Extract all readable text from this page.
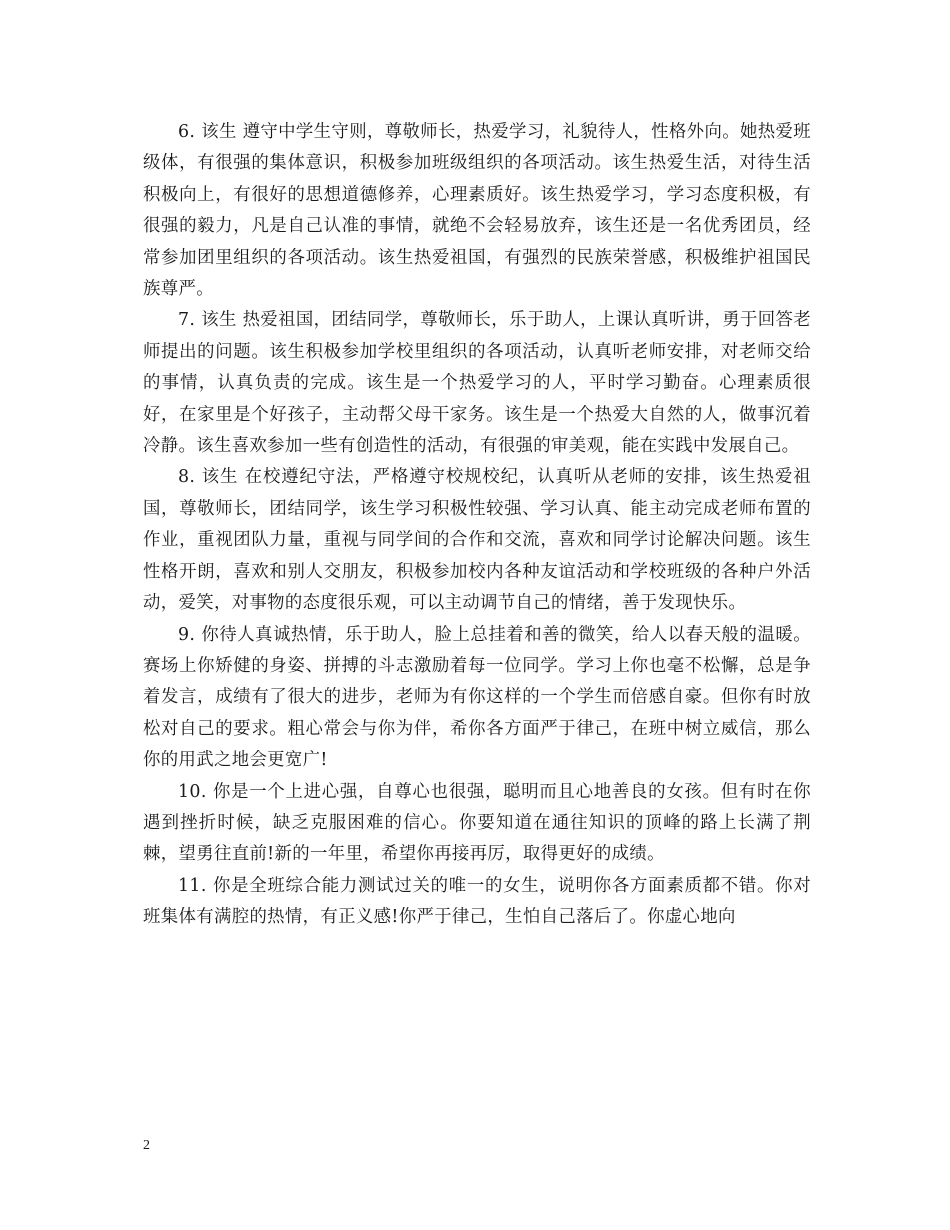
6. 该生 遵守中学生守则，尊敬师长，热爱学习，礼貌待人，性格外向。她热爱班级体，有很强的集体意识，积极参加班级组织的各项活动。该生热爱生活，对待生活积极向上，有很好的思想道德修养，心理素质好。该生热爱学习，学习态度积极，有很强的毅力，凡是自己认准的事情，就绝不会轻易放弃，该生还是一名优秀团员，经常参加团里组织的各项活动。该生热爱祖国，有强烈的民族荣誉感，积极维护祖国民族尊严。

7. 该生 热爱祖国，团结同学，尊敬师长，乐于助人，上课认真听讲，勇于回答老师提出的问题。该生积极参加学校里组织的各项活动，认真听老师安排，对老师交给的事情，认真负责的完成。该生是一个热爱学习的人，平时学习勤奋。心理素质很好，在家里是个好孩子，主动帮父母干家务。该生是一个热爱大自然的人，做事沉着冷静。该生喜欢参加一些有创造性的活动，有很强的审美观，能在实践中发展自己。

8. 该生 在校遵纪守法，严格遵守校规校纪，认真听从老师的安排，该生热爱祖国，尊敬师长，团结同学，该生学习积极性较强、学习认真、能主动完成老师布置的作业，重视团队力量，重视与同学间的合作和交流，喜欢和同学讨论解决问题。该生性格开朗，喜欢和别人交朋友，积极参加校内各种友谊活动和学校班级的各种户外活动，爱笑，对事物的态度很乐观，可以主动调节自己的情绪，善于发现快乐。

9. 你待人真诚热情，乐于助人，脸上总挂着和善的微笑，给人以春天般的温暖。赛场上你矫健的身姿、拼搏的斗志激励着每一位同学。学习上你也毫不松懈，总是争着发言，成绩有了很大的进步，老师为有你这样的一个学生而倍感自豪。但你有时放松对自己的要求。粗心常会与你为伴，希你各方面严于律己，在班中树立威信，那么你的用武之地会更宽广!

10. 你是一个上进心强，自尊心也很强，聪明而且心地善良的女孩。但有时在你遇到挫折时候，缺乏克服困难的信心。你要知道在通往知识的顶峰的路上长满了荆棘，望勇往直前!新的一年里，希望你再接再厉，取得更好的成绩。

11. 你是全班综合能力测试过关的唯一的女生，说明你各方面素质都不错。你对班集体有满腔的热情，有正义感!你严于律己，生怕自己落后了。你虚心地向

2
